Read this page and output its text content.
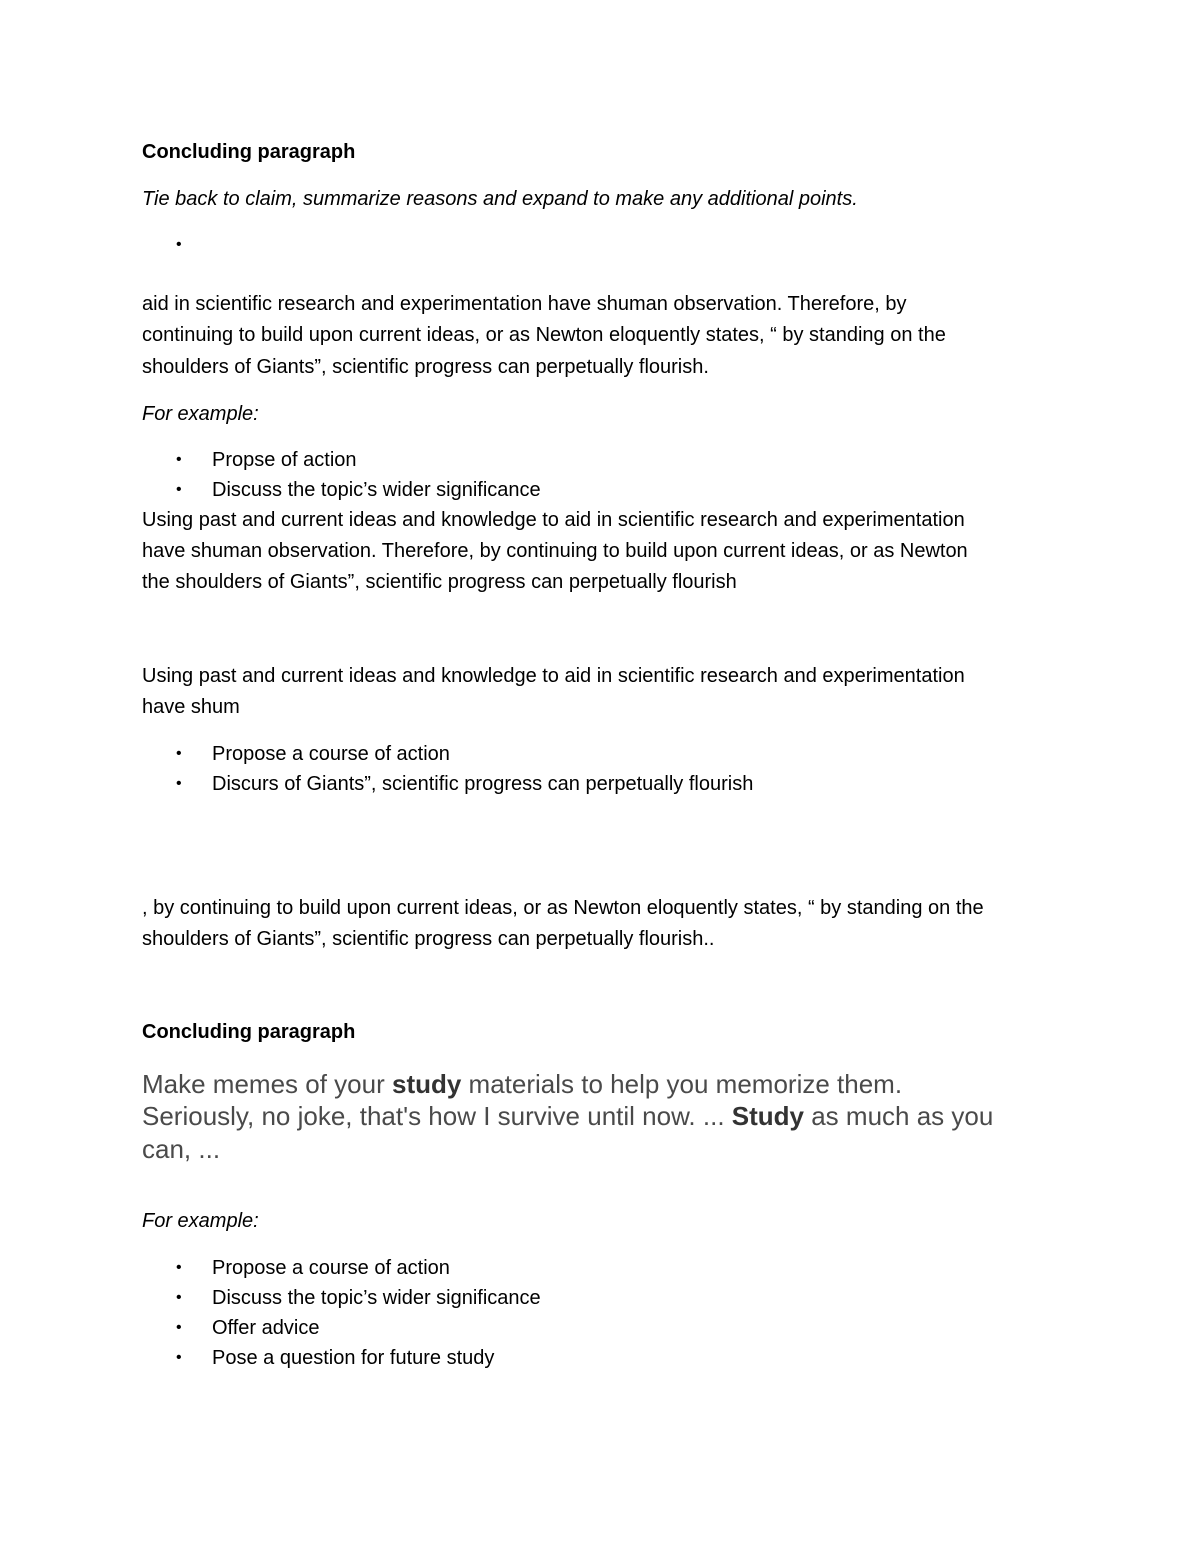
Concluding paragraph

Tie back to claim, summarize reasons and expand to make any additional points.

•

aid in scientific research and experimentation have shuman observation. Therefore, by

continuing to build upon current ideas, or as Newton eloquently states, “ by standing on the

shoulders of Giants”, scientific progress can perpetually flourish.

For example:

• Propse of action

• Discuss the topic’s wider significance

Using past and current ideas and knowledge to aid in scientific research and experimentation

have shuman observation. Therefore, by continuing to build upon current ideas, or as Newton

the shoulders of Giants”, scientific progress can perpetually flourish

Using past and current ideas and knowledge to aid in scientific research and experimentation

have shum

• Propose a course of action

• Discurs of Giants”, scientific progress can perpetually flourish

, by continuing to build upon current ideas, or as Newton eloquently states, “ by standing on the

shoulders of Giants”, scientific progress can perpetually flourish..

Concluding paragraph

Make memes of your study materials to help you memorize them.

Seriously, no joke, that's how I survive until now. ... Study as much as you

can, ...

For example:

• Propose a course of action

• Discuss the topic’s wider significance

• Offer advice

• Pose a question for future study
